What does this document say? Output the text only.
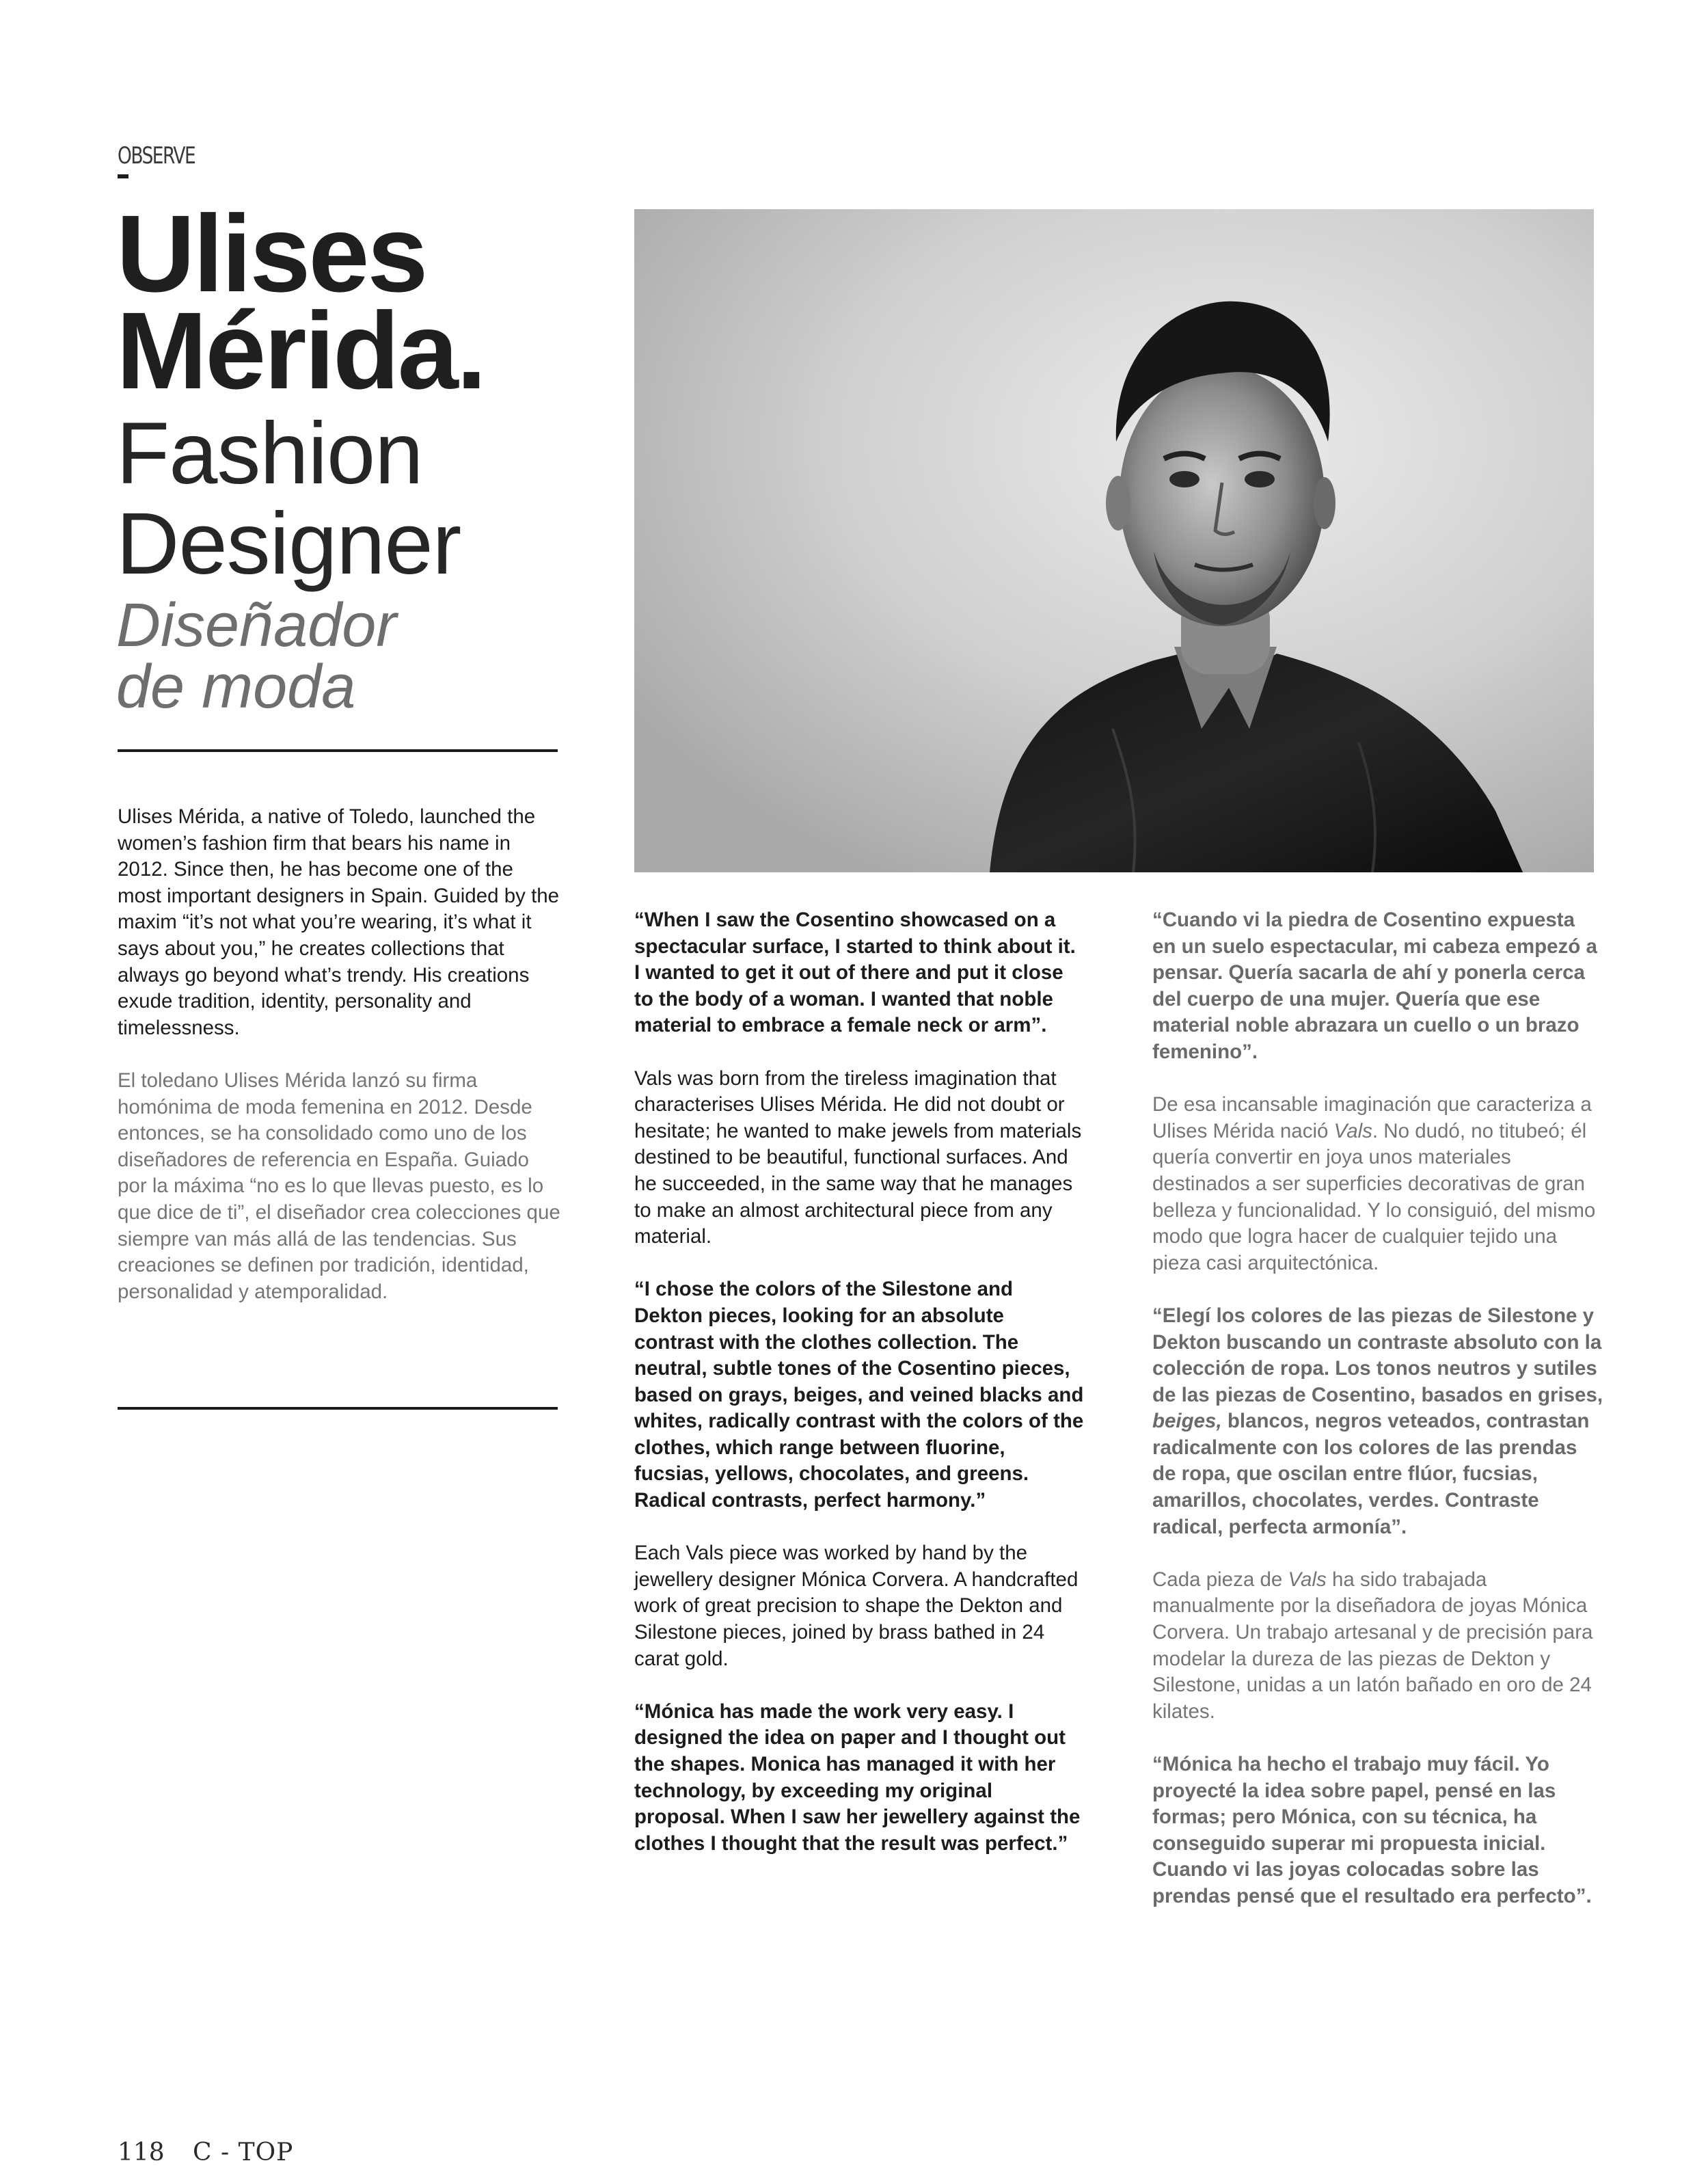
OBSERVE
Ulises
Mérida.
Fashion
Designer
Diseñador
de moda

Ulises Mérida, a native of Toledo, launched the women’s fashion firm that bears his name in 2012. Since then, he has become one of the most important designers in Spain. Guided by the maxim “it’s not what you’re wearing, it’s what it says about you,” he creates collections that always go beyond what’s trendy. His creations exude tradition, identity, personality and timelessness.

El toledano Ulises Mérida lanzó su firma homónima de moda femenina en 2012. Desde entonces, se ha consolidado como uno de los diseñadores de referencia en España. Guiado por la máxima “no es lo que llevas puesto, es lo que dice de ti”, el diseñador crea colecciones que siempre van más allá de las tendencias. Sus creaciones se definen por tradición, identidad, personalidad y atemporalidad.

“When I saw the Cosentino showcased on a spectacular surface, I started to think about it. I wanted to get it out of there and put it close to the body of a woman. I wanted that noble material to embrace a female neck or arm”.

Vals was born from the tireless imagination that characterises Ulises Mérida. He did not doubt or hesitate; he wanted to make jewels from materials destined to be beautiful, functional surfaces. And he succeeded, in the same way that he manages to make an almost architectural piece from any material.

“I chose the colors of the Silestone and Dekton pieces, looking for an absolute contrast with the clothes collection. The neutral, subtle tones of the Cosentino pieces, based on grays, beiges, and veined blacks and whites, radically contrast with the colors of the clothes, which range between fluorine, fucsias, yellows, chocolates, and greens. Radical contrasts, perfect harmony.”

Each Vals piece was worked by hand by the jewellery designer Mónica Corvera. A handcrafted work of great precision to shape the Dekton and Silestone pieces, joined by brass bathed in 24 carat gold.

“Mónica has made the work very easy. I designed the idea on paper and I thought out the shapes. Monica has managed it with her technology, by exceeding my original proposal. When I saw her jewellery against the clothes I thought that the result was perfect.”

“Cuando vi la piedra de Cosentino expuesta en un suelo espectacular, mi cabeza empezó a pensar. Quería sacarla de ahí y ponerla cerca del cuerpo de una mujer. Quería que ese material noble abrazara un cuello o un brazo femenino”.

De esa incansable imaginación que caracteriza a Ulises Mérida nació Vals. No dudó, no titubeó; él quería convertir en joya unos materiales destinados a ser superficies decorativas de gran belleza y funcionalidad. Y lo consiguió, del mismo modo que logra hacer de cualquier tejido una pieza casi arquitectónica.

“Elegí los colores de las piezas de Silestone y Dekton buscando un contraste absoluto con la colección de ropa. Los tonos neutros y sutiles de las piezas de Cosentino, basados en grises, beiges, blancos, negros veteados, contrastan radicalmente con los colores de las prendas de ropa, que oscilan entre flúor, fucsias, amarillos, chocolates, verdes. Contraste radical, perfecta armonía”.

Cada pieza de Vals ha sido trabajada manualmente por la diseñadora de joyas Mónica Corvera. Un trabajo artesanal y de precisión para modelar la dureza de las piezas de Dekton y Silestone, unidas a un latón bañado en oro de 24 kilates.

“Mónica ha hecho el trabajo muy fácil. Yo proyecté la idea sobre papel, pensé en las formas; pero Mónica, con su técnica, ha conseguido superar mi propuesta inicial. Cuando vi las joyas colocadas sobre las prendas pensé que el resultado era perfecto”.

118 C - TOP
